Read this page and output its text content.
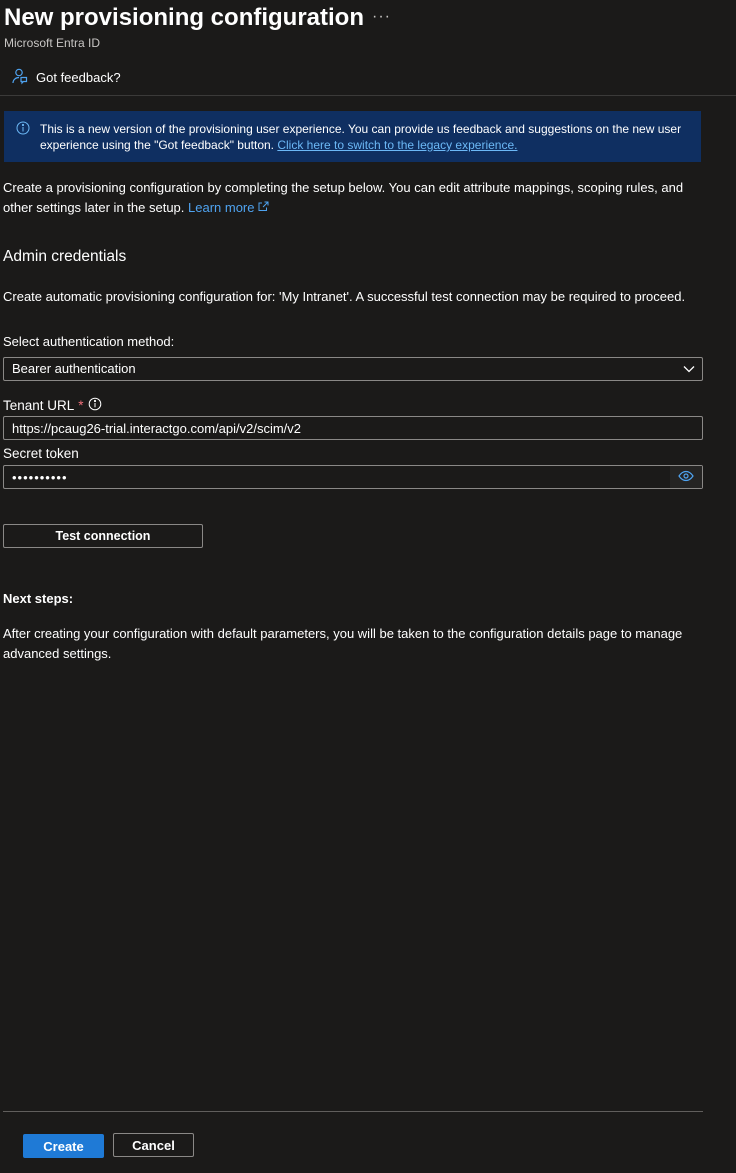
New provisioning configuration ···
Microsoft Entra ID
Got feedback?
This is a new version of the provisioning user experience. You can provide us feedback and suggestions on the new user experience using the "Got feedback" button. Click here to switch to the legacy experience.
Create a provisioning configuration by completing the setup below. You can edit attribute mappings, scoping rules, and other settings later in the setup. Learn more
Admin credentials
Create automatic provisioning configuration for: 'My Intranet'. A successful test connection may be required to proceed.
Select authentication method:
Bearer authentication
Tenant URL *
https://pcaug26-trial.interactgo.com/api/v2/scim/v2
Secret token
••••••••••
Test connection
Next steps:
After creating your configuration with default parameters, you will be taken to the configuration details page to manage advanced settings.
Create	Cancel
